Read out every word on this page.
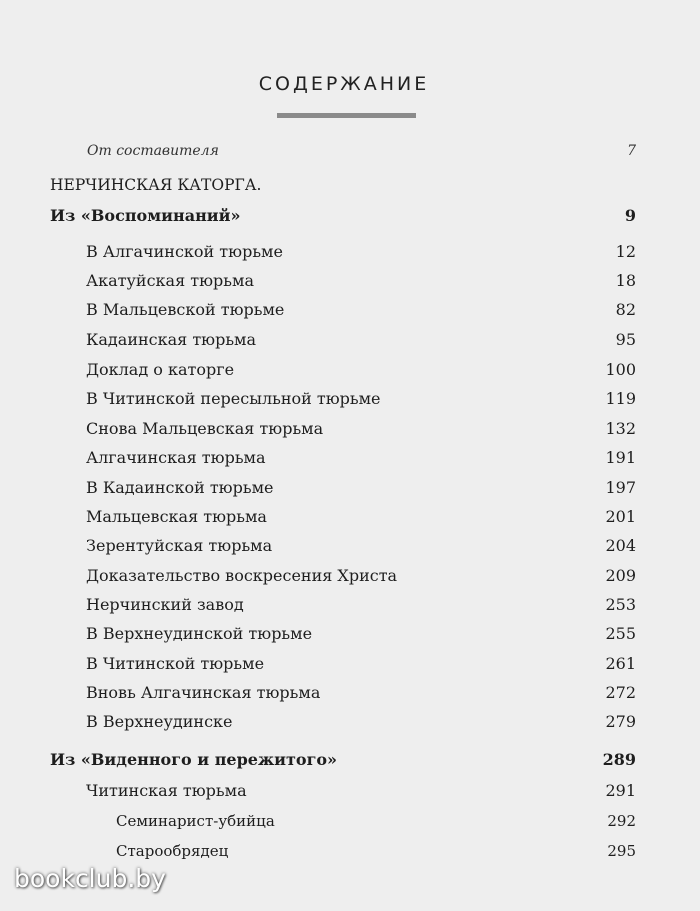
СОДЕРЖАНИЕ
От составителя	7
НЕРЧИНСКАЯ КАТОРГА.
Из «Воспоминаний»	9
В Алгачинской тюрьме	12
Акатуйская тюрьма	18
В Мальцевской тюрьме	82
Кадаинская тюрьма	95
Доклад о каторге	100
В Читинской пересыльной тюрьме	119
Снова Мальцевская тюрьма	132
Алгачинская тюрьма	191
В Кадаинской тюрьме	197
Мальцевская тюрьма	201
Зерентуйская тюрьма	204
Доказательство воскресения Христа	209
Нерчинский завод	253
В Верхнеудинской тюрьме	255
В Читинской тюрьме	261
Вновь Алгачинская тюрьма	272
В Верхнеудинске	279
Из «Виденного и пережитого»	289
Читинская тюрьма	291
Семинарист-убийца	292
Старообрядец	295
bookclub.by
